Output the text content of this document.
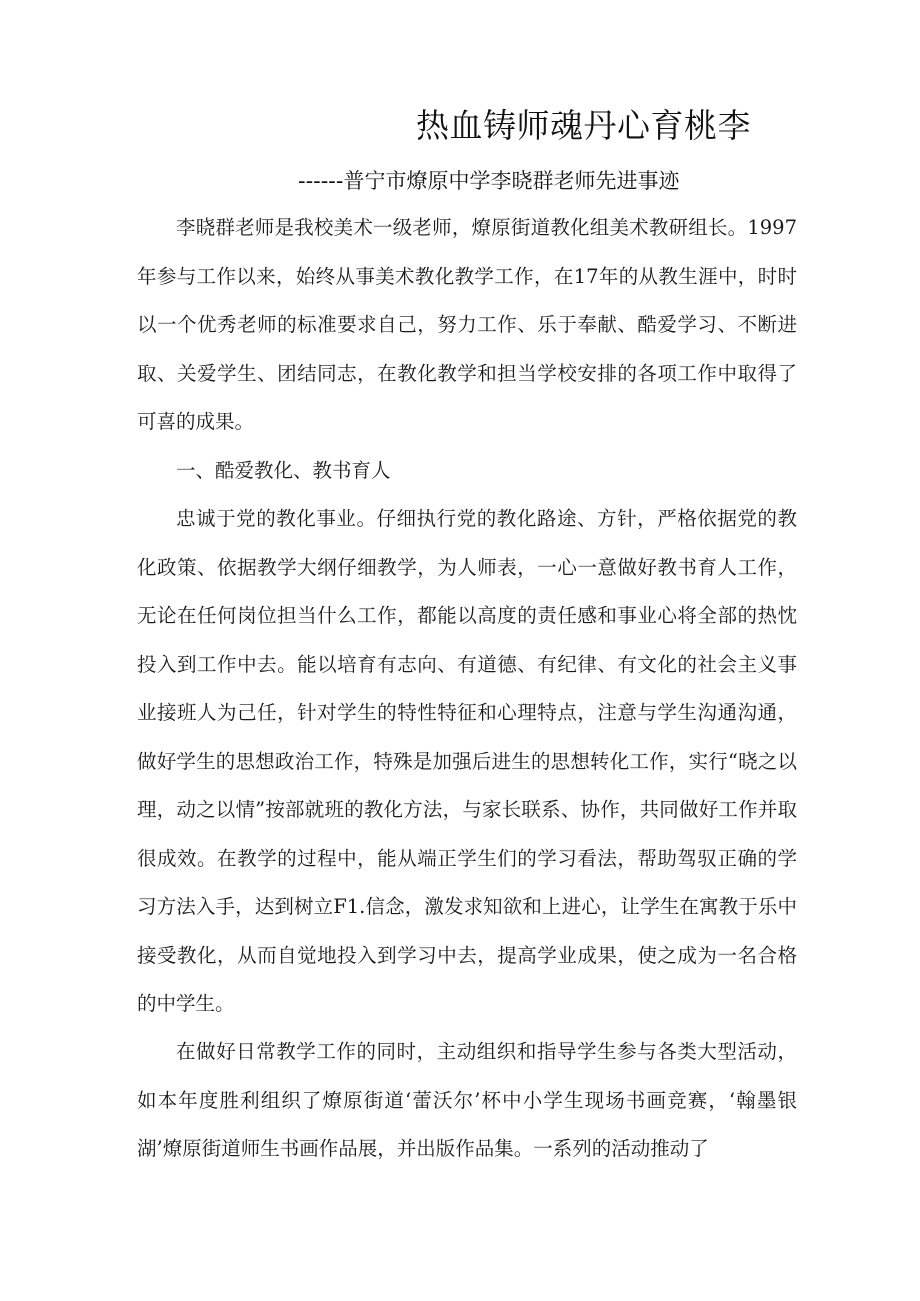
热血铸师魂丹心育桃李
------普宁市燎原中学李晓群老师先进事迹

李晓群老师是我校美术一级老师，燎原街道教化组美术教研组长。1997年参与工作以来，始终从事美术教化教学工作，在17年的从教生涯中，时时以一个优秀老师的标准要求自己，努力工作、乐于奉献、酷爱学习、不断进取、关爱学生、团结同志，在教化教学和担当学校安排的各项工作中取得了可喜的成果。

一、酷爱教化、教书育人

忠诚于党的教化事业。仔细执行党的教化路途、方针，严格依据党的教化政策、依据教学大纲仔细教学，为人师表，一心一意做好教书育人工作，无论在任何岗位担当什么工作，都能以高度的责任感和事业心将全部的热忱投入到工作中去。能以培育有志向、有道德、有纪律、有文化的社会主义事业接班人为己任，针对学生的特性特征和心理特点，注意与学生沟通沟通，做好学生的思想政治工作，特殊是加强后进生的思想转化工作，实行“晓之以理，动之以情”按部就班的教化方法，与家长联系、协作，共同做好工作并取很成效。在教学的过程中，能从端正学生们的学习看法，帮助驾驭正确的学习方法入手，达到树立F1.信念，激发求知欲和上进心，让学生在寓教于乐中接受教化，从而自觉地投入到学习中去，提高学业成果，使之成为一名合格的中学生。

在做好日常教学工作的同时，主动组织和指导学生参与各类大型活动，如本年度胜利组织了燎原街道‘蕾沃尔’杯中小学生现场书画竞赛，‘翰墨银湖’燎原街道师生书画作品展，并出版作品集。一系列的活动推动了
